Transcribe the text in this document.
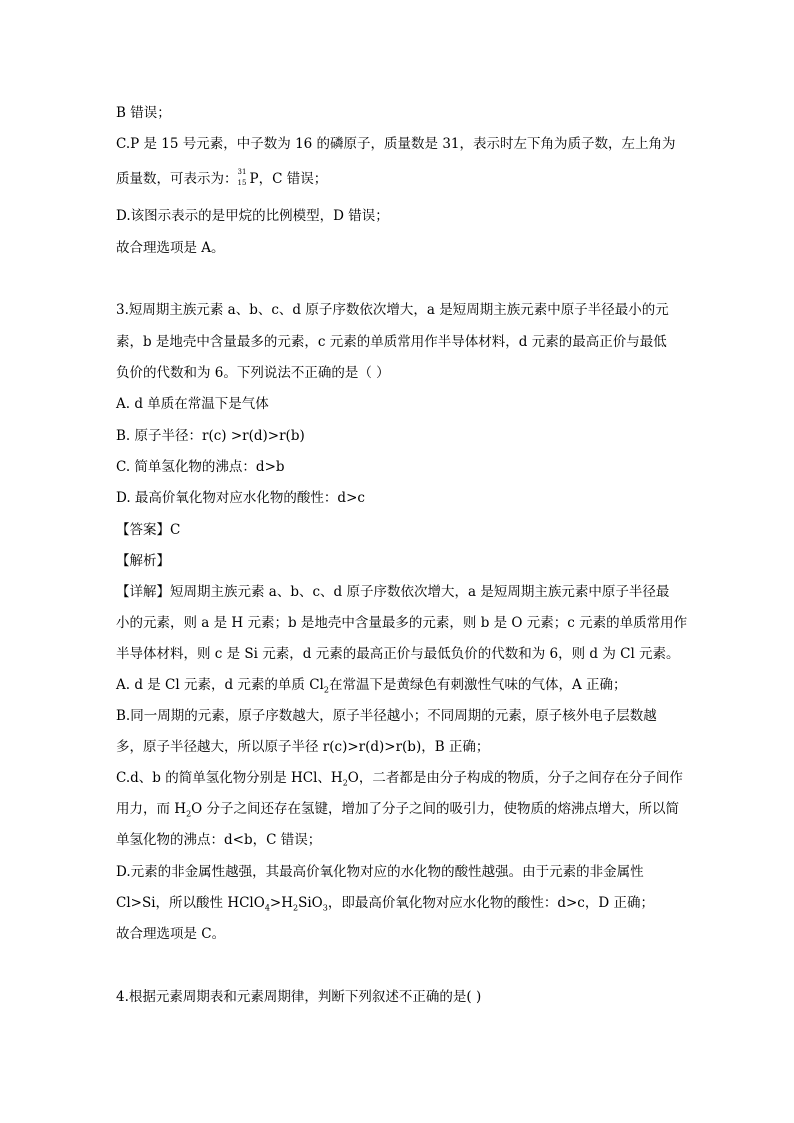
B 错误；
C.P 是 15 号元素，中子数为 16 的磷原子，质量数是 31，表示时左下角为质子数，左上角为
质量数，可表示为： 31
15 P，C 错误；
D.该图示表示的是甲烷的比例模型，D 错误；
故合理选项是 A。
3.短周期主族元素 a、b、c、d 原子序数依次增大，a 是短周期主族元素中原子半径最小的元
素，b 是地壳中含量最多的元素，c 元素的单质常用作半导体材料，d 元素的最高正价与最低
负价的代数和为 6。下列说法不正确的是（ ）
A. d 单质在常温下是气体
B. 原子半径：r(c) >r(d)>r(b)
C. 简单氢化物的沸点：d>b
D. 最高价氧化物对应水化物的酸性：d>c
【答案】C
【解析】
【详解】短周期主族元素 a、b、c、d 原子序数依次增大，a 是短周期主族元素中原子半径最
小的元素，则 a 是 H 元素；b 是地壳中含量最多的元素，则 b 是 O 元素；c 元素的单质常用作
半导体材料，则 c 是 Si 元素，d 元素的最高正价与最低负价的代数和为 6，则 d 为 Cl 元素。
A. d 是 Cl 元素，d 元素的单质 $Cl_2$在常温下是黄绿色有刺激性气味的气体，A 正确；
B.同一周期的元素，原子序数越大，原子半径越小；不同周期的元素，原子核外电子层数越
多，原子半径越大，所以原子半径 r(c)>r(d)>r(b)，B 正确；
C.d、b 的简单氢化物分别是 HCl、$H_2O$，二者都是由分子构成的物质，分子之间存在分子间作
用力，而 $H_2O$ 分子之间还存在氢键，增加了分子之间的吸引力，使物质的熔沸点增大，所以简
单氢化物的沸点：d<b，C 错误；
D.元素的非金属性越强，其最高价氧化物对应的水化物的酸性越强。由于元素的非金属性
Cl>Si，所以酸性 $HClO_4>H_2SiO_3$，即最高价氧化物对应水化物的酸性：d>c，D 正确；
故合理选项是 C。
4.根据元素周期表和元素周期律，判断下列叙述不正确的是( )
